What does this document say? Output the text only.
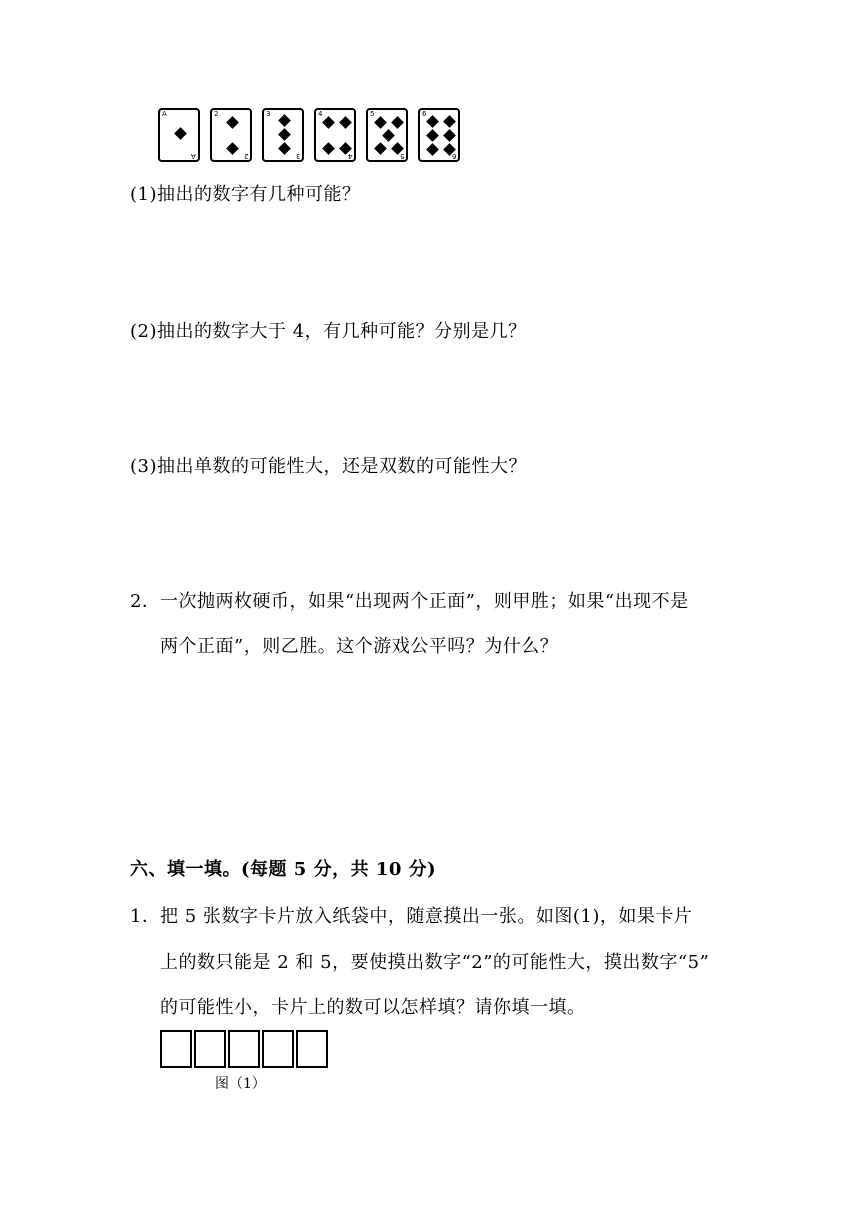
A
A
2
2
3
3
4
4
5
5
6
6
(1)抽出的数字有几种可能？
(2)抽出的数字大于 4，有几种可能？分别是几？
(3)抽出单数的可能性大，还是双数的可能性大？
2． 一次抛两枚硬币，如果“出现两个正面”，则甲胜；如果“出现不是
两个正面”，则乙胜。这个游戏公平吗？为什么？
六、填一填。(每题 5 分，共 10 分)
1． 把 5 张数字卡片放入纸袋中，随意摸出一张。如图(1)，如果卡片
上的数只能是 2 和 5，要使摸出数字“2”的可能性大，摸出数字“5”
的可能性小，卡片上的数可以怎样填？请你填一填。
图（1）
